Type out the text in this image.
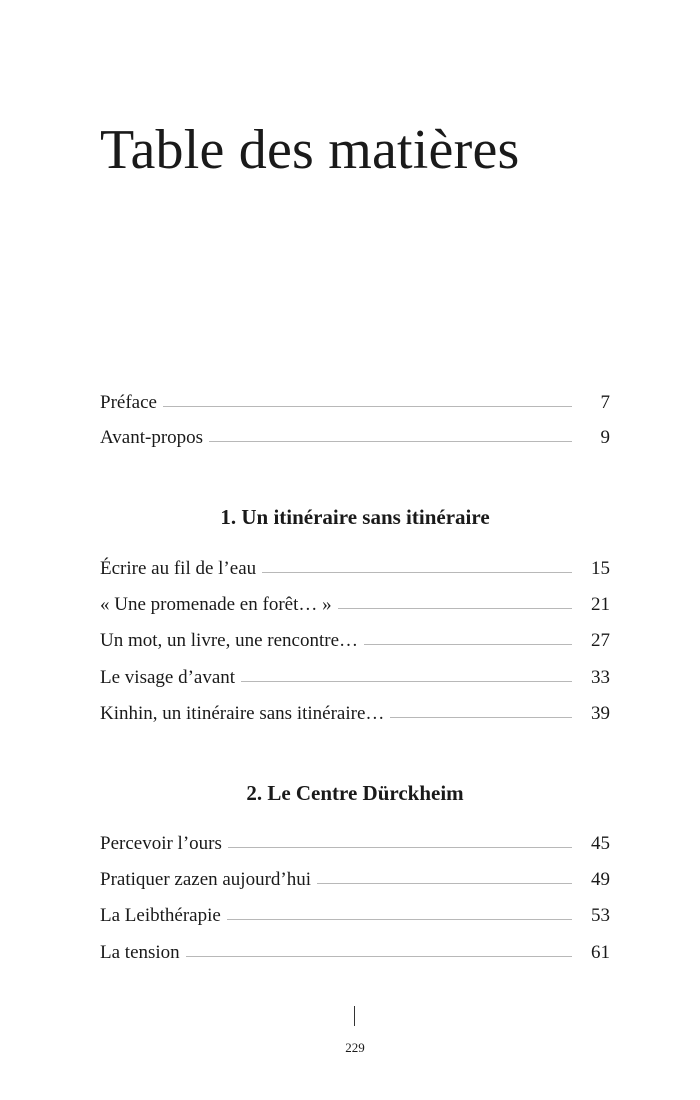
Table des matières
Préface	7
Avant-propos	9
1. Un itinéraire sans itinéraire
Écrire au fil de l’eau	15
« Une promenade en forêt… »	21
Un mot, un livre, une rencontre…	27
Le visage d’avant	33
Kinhin, un itinéraire sans itinéraire…	39
2. Le Centre Dürckheim
Percevoir l’ours	45
Pratiquer zazen aujourd’hui	49
La Leibthérapie	53
La tension	61
229
